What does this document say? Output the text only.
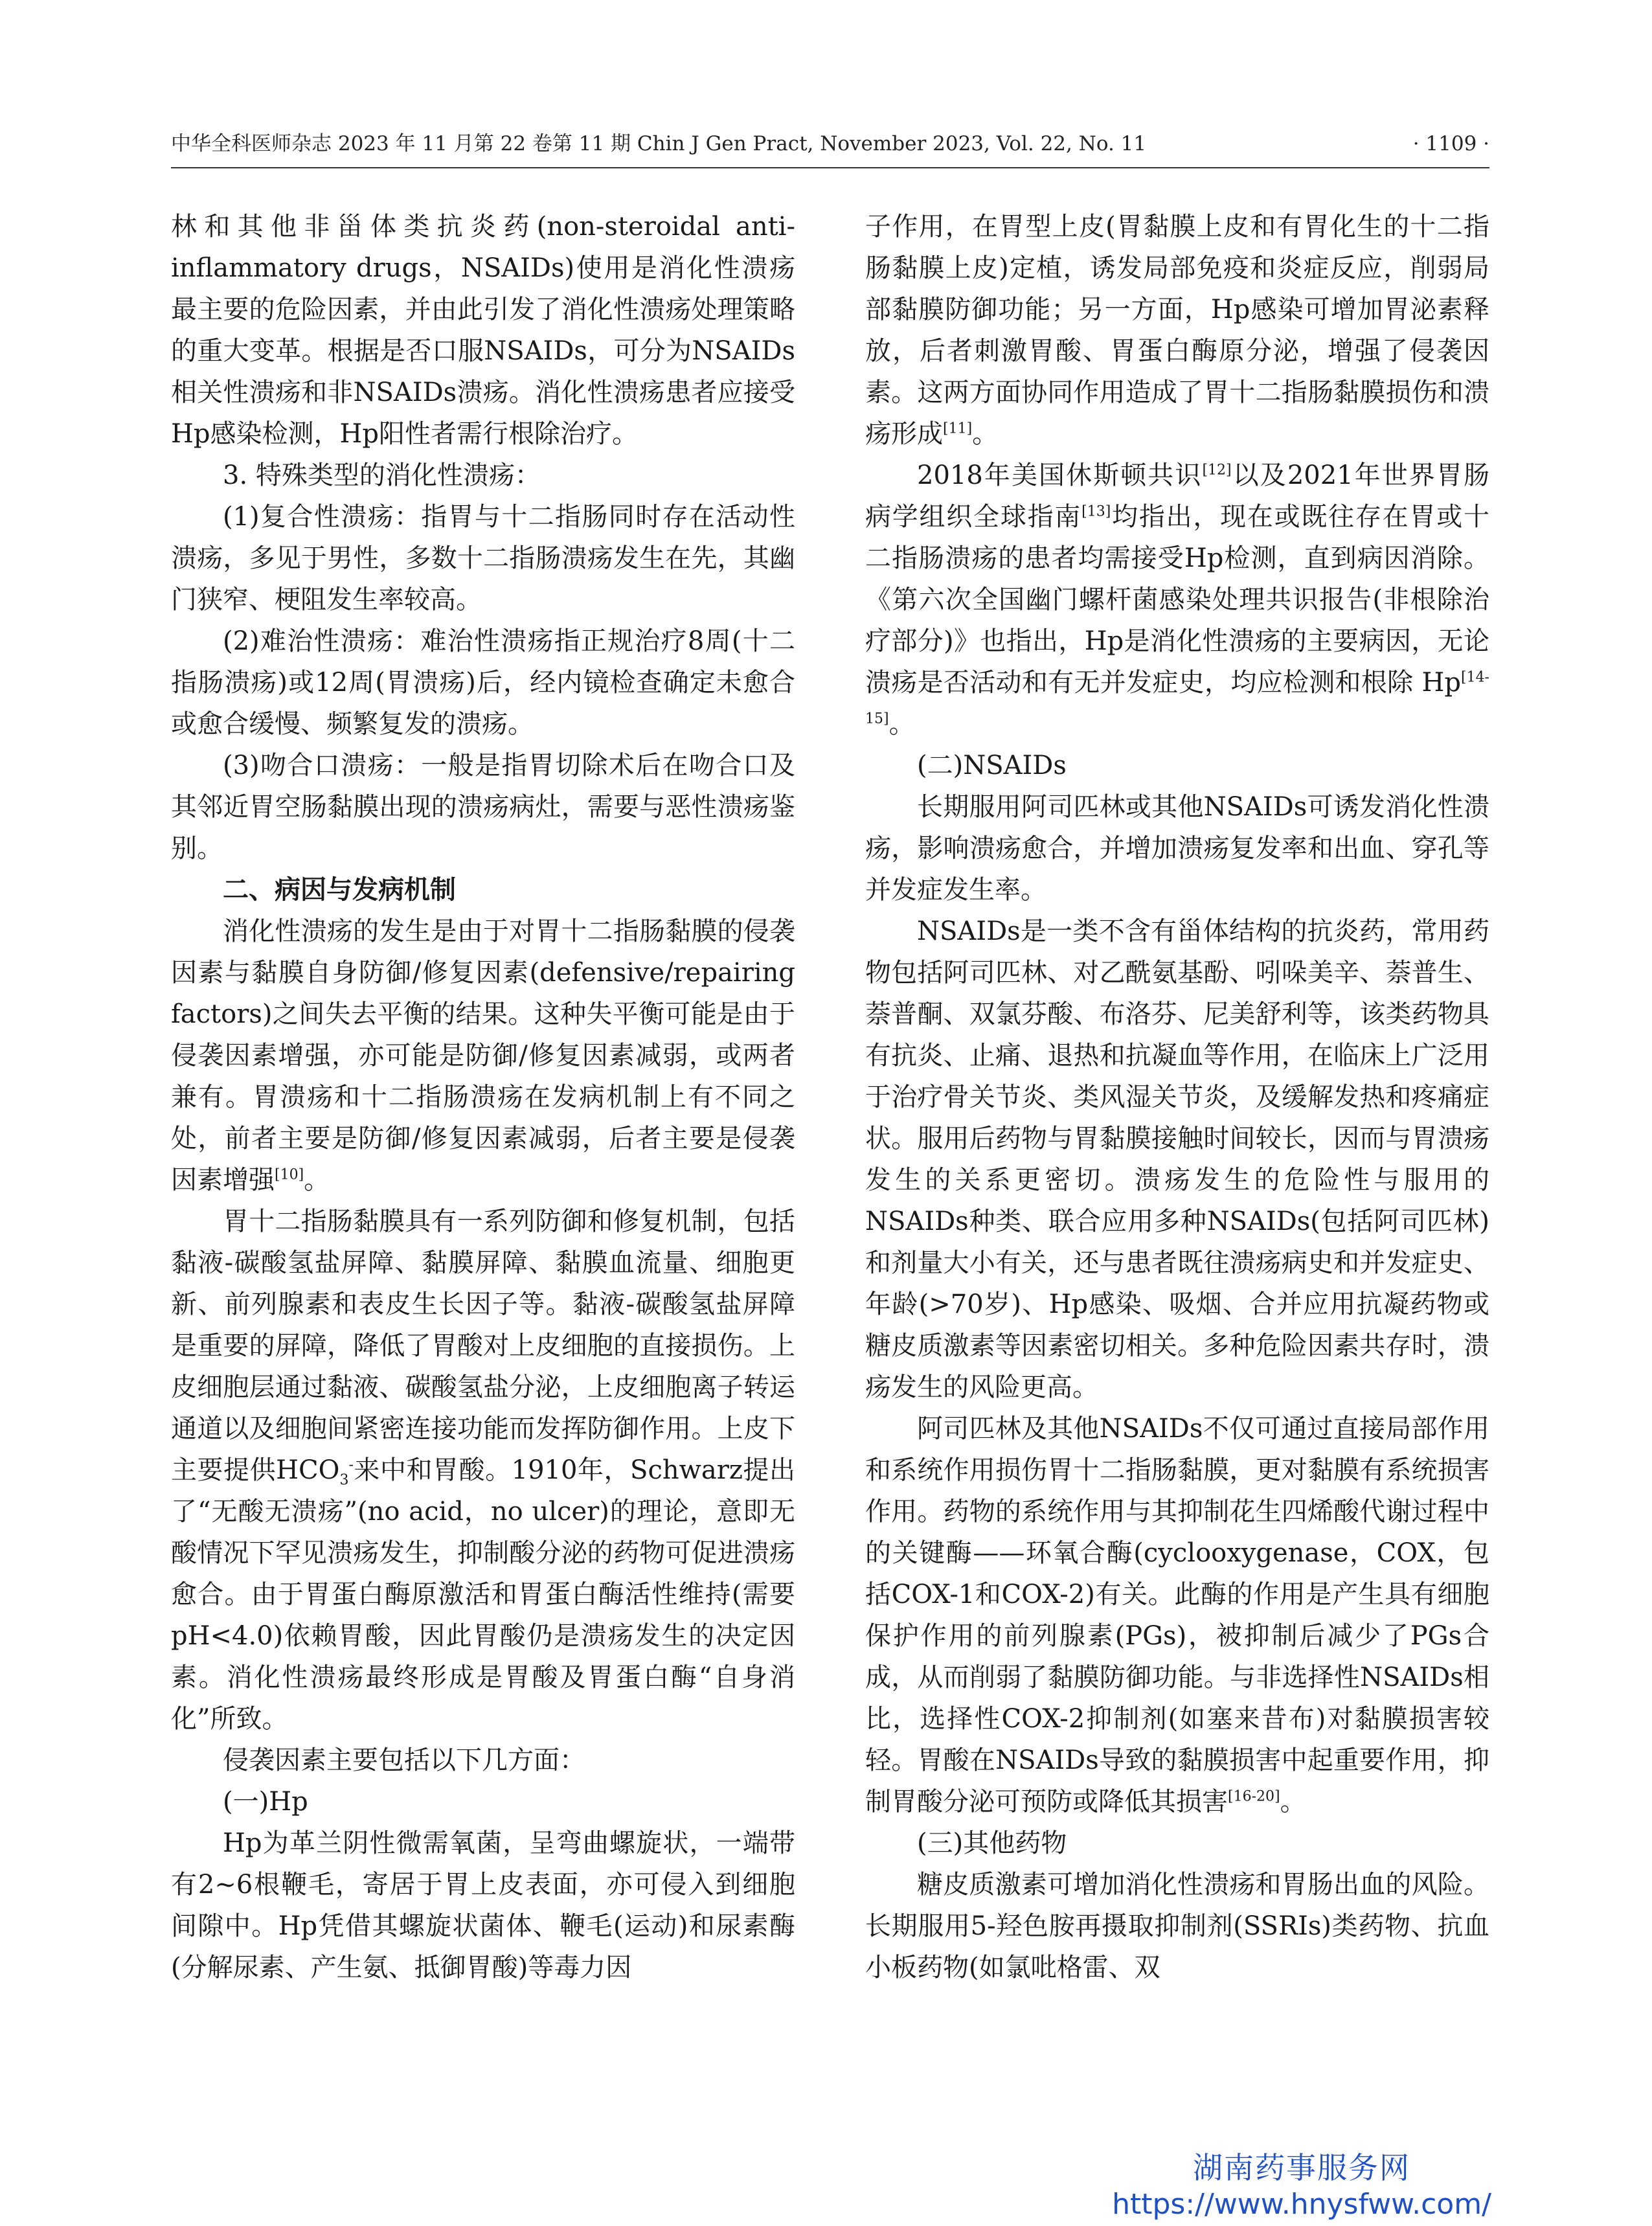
中华全科医师杂志 2023 年 11 月第 22 卷第 11 期 Chin J Gen Pract, November 2023, Vol. 22, No. 11	· 1109 ·

林和其他非甾体类抗炎药(non-steroidal anti-inflammatory drugs，NSAIDs)使用是消化性溃疡最主要的危险因素，并由此引发了消化性溃疡处理策略的重大变革。根据是否口服NSAIDs，可分为NSAIDs相关性溃疡和非NSAIDs溃疡。消化性溃疡患者应接受Hp感染检测，Hp阳性者需行根除治疗。

3. 特殊类型的消化性溃疡：

(1)复合性溃疡：指胃与十二指肠同时存在活动性溃疡，多见于男性，多数十二指肠溃疡发生在先，其幽门狭窄、梗阻发生率较高。

(2)难治性溃疡：难治性溃疡指正规治疗8周(十二指肠溃疡)或12周(胃溃疡)后，经内镜检查确定未愈合或愈合缓慢、频繁复发的溃疡。

(3)吻合口溃疡：一般是指胃切除术后在吻合口及其邻近胃空肠黏膜出现的溃疡病灶，需要与恶性溃疡鉴别。

二、病因与发病机制

消化性溃疡的发生是由于对胃十二指肠黏膜的侵袭因素与黏膜自身防御/修复因素(defensive/repairing factors)之间失去平衡的结果。这种失平衡可能是由于侵袭因素增强，亦可能是防御/修复因素减弱，或两者兼有。胃溃疡和十二指肠溃疡在发病机制上有不同之处，前者主要是防御/修复因素减弱，后者主要是侵袭因素增强[10]。

胃十二指肠黏膜具有一系列防御和修复机制，包括黏液-碳酸氢盐屏障、黏膜屏障、黏膜血流量、细胞更新、前列腺素和表皮生长因子等。黏液-碳酸氢盐屏障是重要的屏障，降低了胃酸对上皮细胞的直接损伤。上皮细胞层通过黏液、碳酸氢盐分泌，上皮细胞离子转运通道以及细胞间紧密连接功能而发挥防御作用。上皮下主要提供$HCO_3^-$来中和胃酸。1910年，Schwarz提出了“无酸无溃疡”(no acid，no ulcer)的理论，意即无酸情况下罕见溃疡发生，抑制酸分泌的药物可促进溃疡愈合。由于胃蛋白酶原激活和胃蛋白酶活性维持(需要pH<4.0)依赖胃酸，因此胃酸仍是溃疡发生的决定因素。消化性溃疡最终形成是胃酸及胃蛋白酶“自身消化”所致。

侵袭因素主要包括以下几方面：

(一)Hp

Hp为革兰阴性微需氧菌，呈弯曲螺旋状，一端带有2~6根鞭毛，寄居于胃上皮表面，亦可侵入到细胞间隙中。Hp凭借其螺旋状菌体、鞭毛(运动)和尿素酶(分解尿素、产生氨、抵御胃酸)等毒力因

子作用，在胃型上皮(胃黏膜上皮和有胃化生的十二指肠黏膜上皮)定植，诱发局部免疫和炎症反应，削弱局部黏膜防御功能；另一方面，Hp感染可增加胃泌素释放，后者刺激胃酸、胃蛋白酶原分泌，增强了侵袭因素。这两方面协同作用造成了胃十二指肠黏膜损伤和溃疡形成[11]。

2018年美国休斯顿共识[12]以及2021年世界胃肠病学组织全球指南[13]均指出，现在或既往存在胃或十二指肠溃疡的患者均需接受Hp检测，直到病因消除。《第六次全国幽门螺杆菌感染处理共识报告(非根除治疗部分)》也指出，Hp是消化性溃疡的主要病因，无论溃疡是否活动和有无并发症史，均应检测和根除 Hp[14-15]。

(二)NSAIDs

长期服用阿司匹林或其他NSAIDs可诱发消化性溃疡，影响溃疡愈合，并增加溃疡复发率和出血、穿孔等并发症发生率。

NSAIDs是一类不含有甾体结构的抗炎药，常用药物包括阿司匹林、对乙酰氨基酚、吲哚美辛、萘普生、萘普酮、双氯芬酸、布洛芬、尼美舒利等，该类药物具有抗炎、止痛、退热和抗凝血等作用，在临床上广泛用于治疗骨关节炎、类风湿关节炎，及缓解发热和疼痛症状。服用后药物与胃黏膜接触时间较长，因而与胃溃疡发生的关系更密切。溃疡发生的危险性与服用的NSAIDs种类、联合应用多种NSAIDs(包括阿司匹林)和剂量大小有关，还与患者既往溃疡病史和并发症史、年龄(>70岁)、Hp感染、吸烟、合并应用抗凝药物或糖皮质激素等因素密切相关。多种危险因素共存时，溃疡发生的风险更高。

阿司匹林及其他NSAIDs不仅可通过直接局部作用和系统作用损伤胃十二指肠黏膜，更对黏膜有系统损害作用。药物的系统作用与其抑制花生四烯酸代谢过程中的关键酶——环氧合酶(cyclooxygenase，COX，包括COX-1和COX-2)有关。此酶的作用是产生具有细胞保护作用的前列腺素(PGs)，被抑制后减少了PGs合成，从而削弱了黏膜防御功能。与非选择性NSAIDs相比，选择性COX-2抑制剂(如塞来昔布)对黏膜损害较轻。胃酸在NSAIDs导致的黏膜损害中起重要作用，抑制胃酸分泌可预防或降低其损害[16-20]。

(三)其他药物

糖皮质激素可增加消化性溃疡和胃肠出血的风险。长期服用5-羟色胺再摄取抑制剂(SSRIs)类药物、抗血小板药物(如氯吡格雷、双

湖南药事服务网
https://www.hnysfww.com/
